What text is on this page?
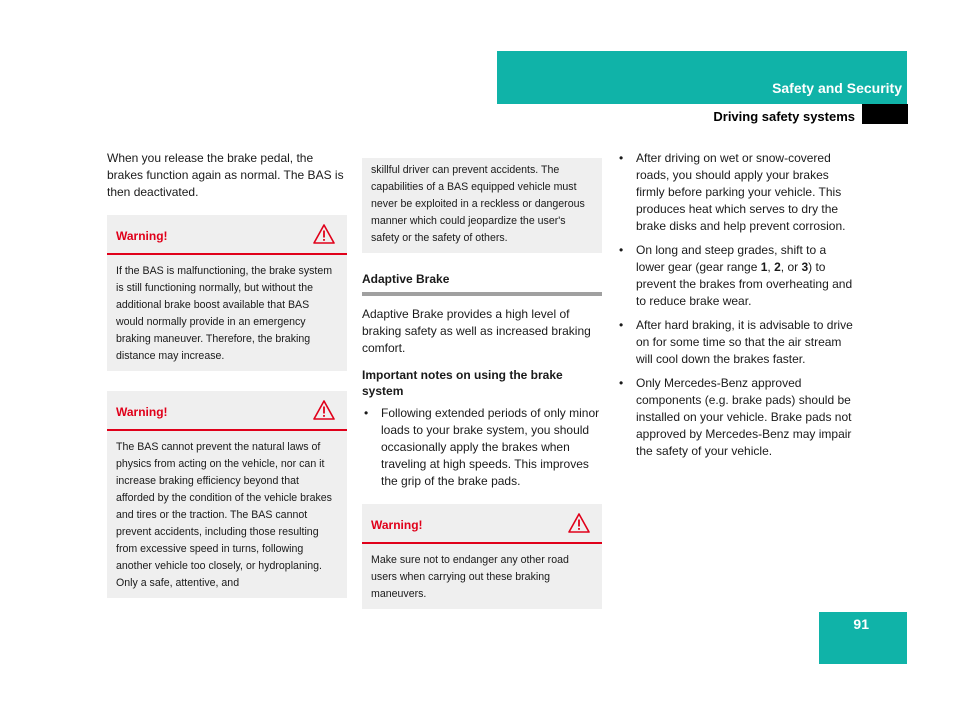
Safety and Security
Driving safety systems

When you release the brake pedal, the brakes function again as normal. The BAS is then deactivated.

Warning!
If the BAS is malfunctioning, the brake system is still functioning normally, but without the additional brake boost available that BAS would normally provide in an emergency braking maneuver. Therefore, the braking distance may increase.
Warning!
The BAS cannot prevent the natural laws of physics from acting on the vehicle, nor can it increase braking efficiency beyond that afforded by the condition of the vehicle brakes and tires or the traction. The BAS cannot prevent accidents, including those resulting from excessive speed in turns, following another vehicle too closely, or hydroplaning. Only a safe, attentive, and
skillful driver can prevent accidents. The capabilities of a BAS equipped vehicle must never be exploited in a reckless or dangerous manner which could jeopardize the user's safety or the safety of others.
Adaptive Brake

Adaptive Brake provides a high level of braking safety as well as increased braking comfort.

Important notes on using the brake system
• Following extended periods of only minor loads to your brake system, you should occasionally apply the brakes when traveling at high speeds. This improves the grip of the brake pads.
Warning!
Make sure not to endanger any other road users when carrying out these braking maneuvers.
• After driving on wet or snow-covered roads, you should apply your brakes firmly before parking your vehicle. This produces heat which serves to dry the brake disks and help prevent corrosion.
• On long and steep grades, shift to a lower gear (gear range 1, 2, or 3) to prevent the brakes from overheating and to reduce brake wear.
• After hard braking, it is advisable to drive on for some time so that the air stream will cool down the brakes faster.
• Only Mercedes-Benz approved components (e.g. brake pads) should be installed on your vehicle. Brake pads not approved by Mercedes-Benz may impair the safety of your vehicle.
91
